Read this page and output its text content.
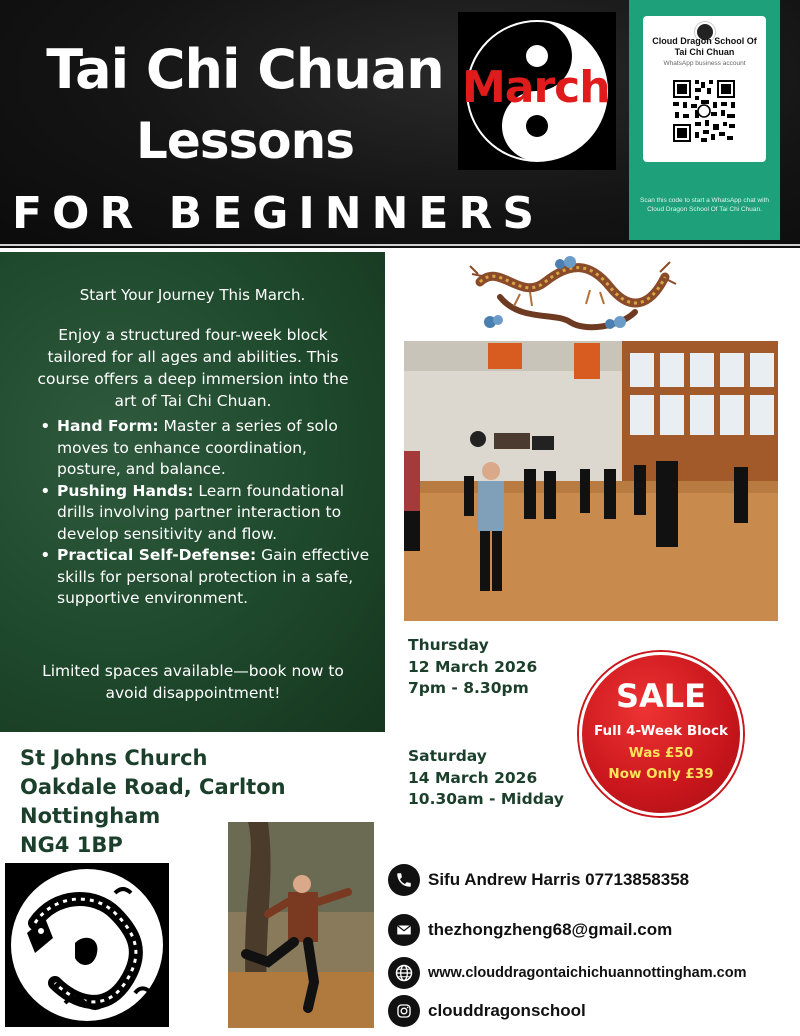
Tai Chi Chuan
Lessons
FOR BEGINNERS
March
Cloud Dragon School Of Tai Chi Chuan
WhatsApp business account
Scan this code to start a WhatsApp chat with Cloud Dragon School Of Tai Chi Chuan.
Start Your Journey This March.
Enjoy a structured four-week block tailored for all ages and abilities. This course offers a deep immersion into the art of Tai Chi Chuan.
• Hand Form: Master a series of solo moves to enhance coordination, posture, and balance.
• Pushing Hands: Learn foundational drills involving partner interaction to develop sensitivity and flow.
• Practical Self-Defense: Gain effective skills for personal protection in a safe, supportive environment.
Limited spaces available—book now to avoid disappointment!
Thursday
12 March 2026
7pm - 8.30pm
Saturday
14 March 2026
10.30am - Midday
SALE
Full 4-Week Block
Was £50
Now Only £39
St Johns Church
Oakdale Road, Carlton
Nottingham
NG4 1BP
Sifu Andrew Harris 07713858358
thezhongzheng68@gmail.com
www.clouddragontaichichuannottingham.com
clouddragonschool
